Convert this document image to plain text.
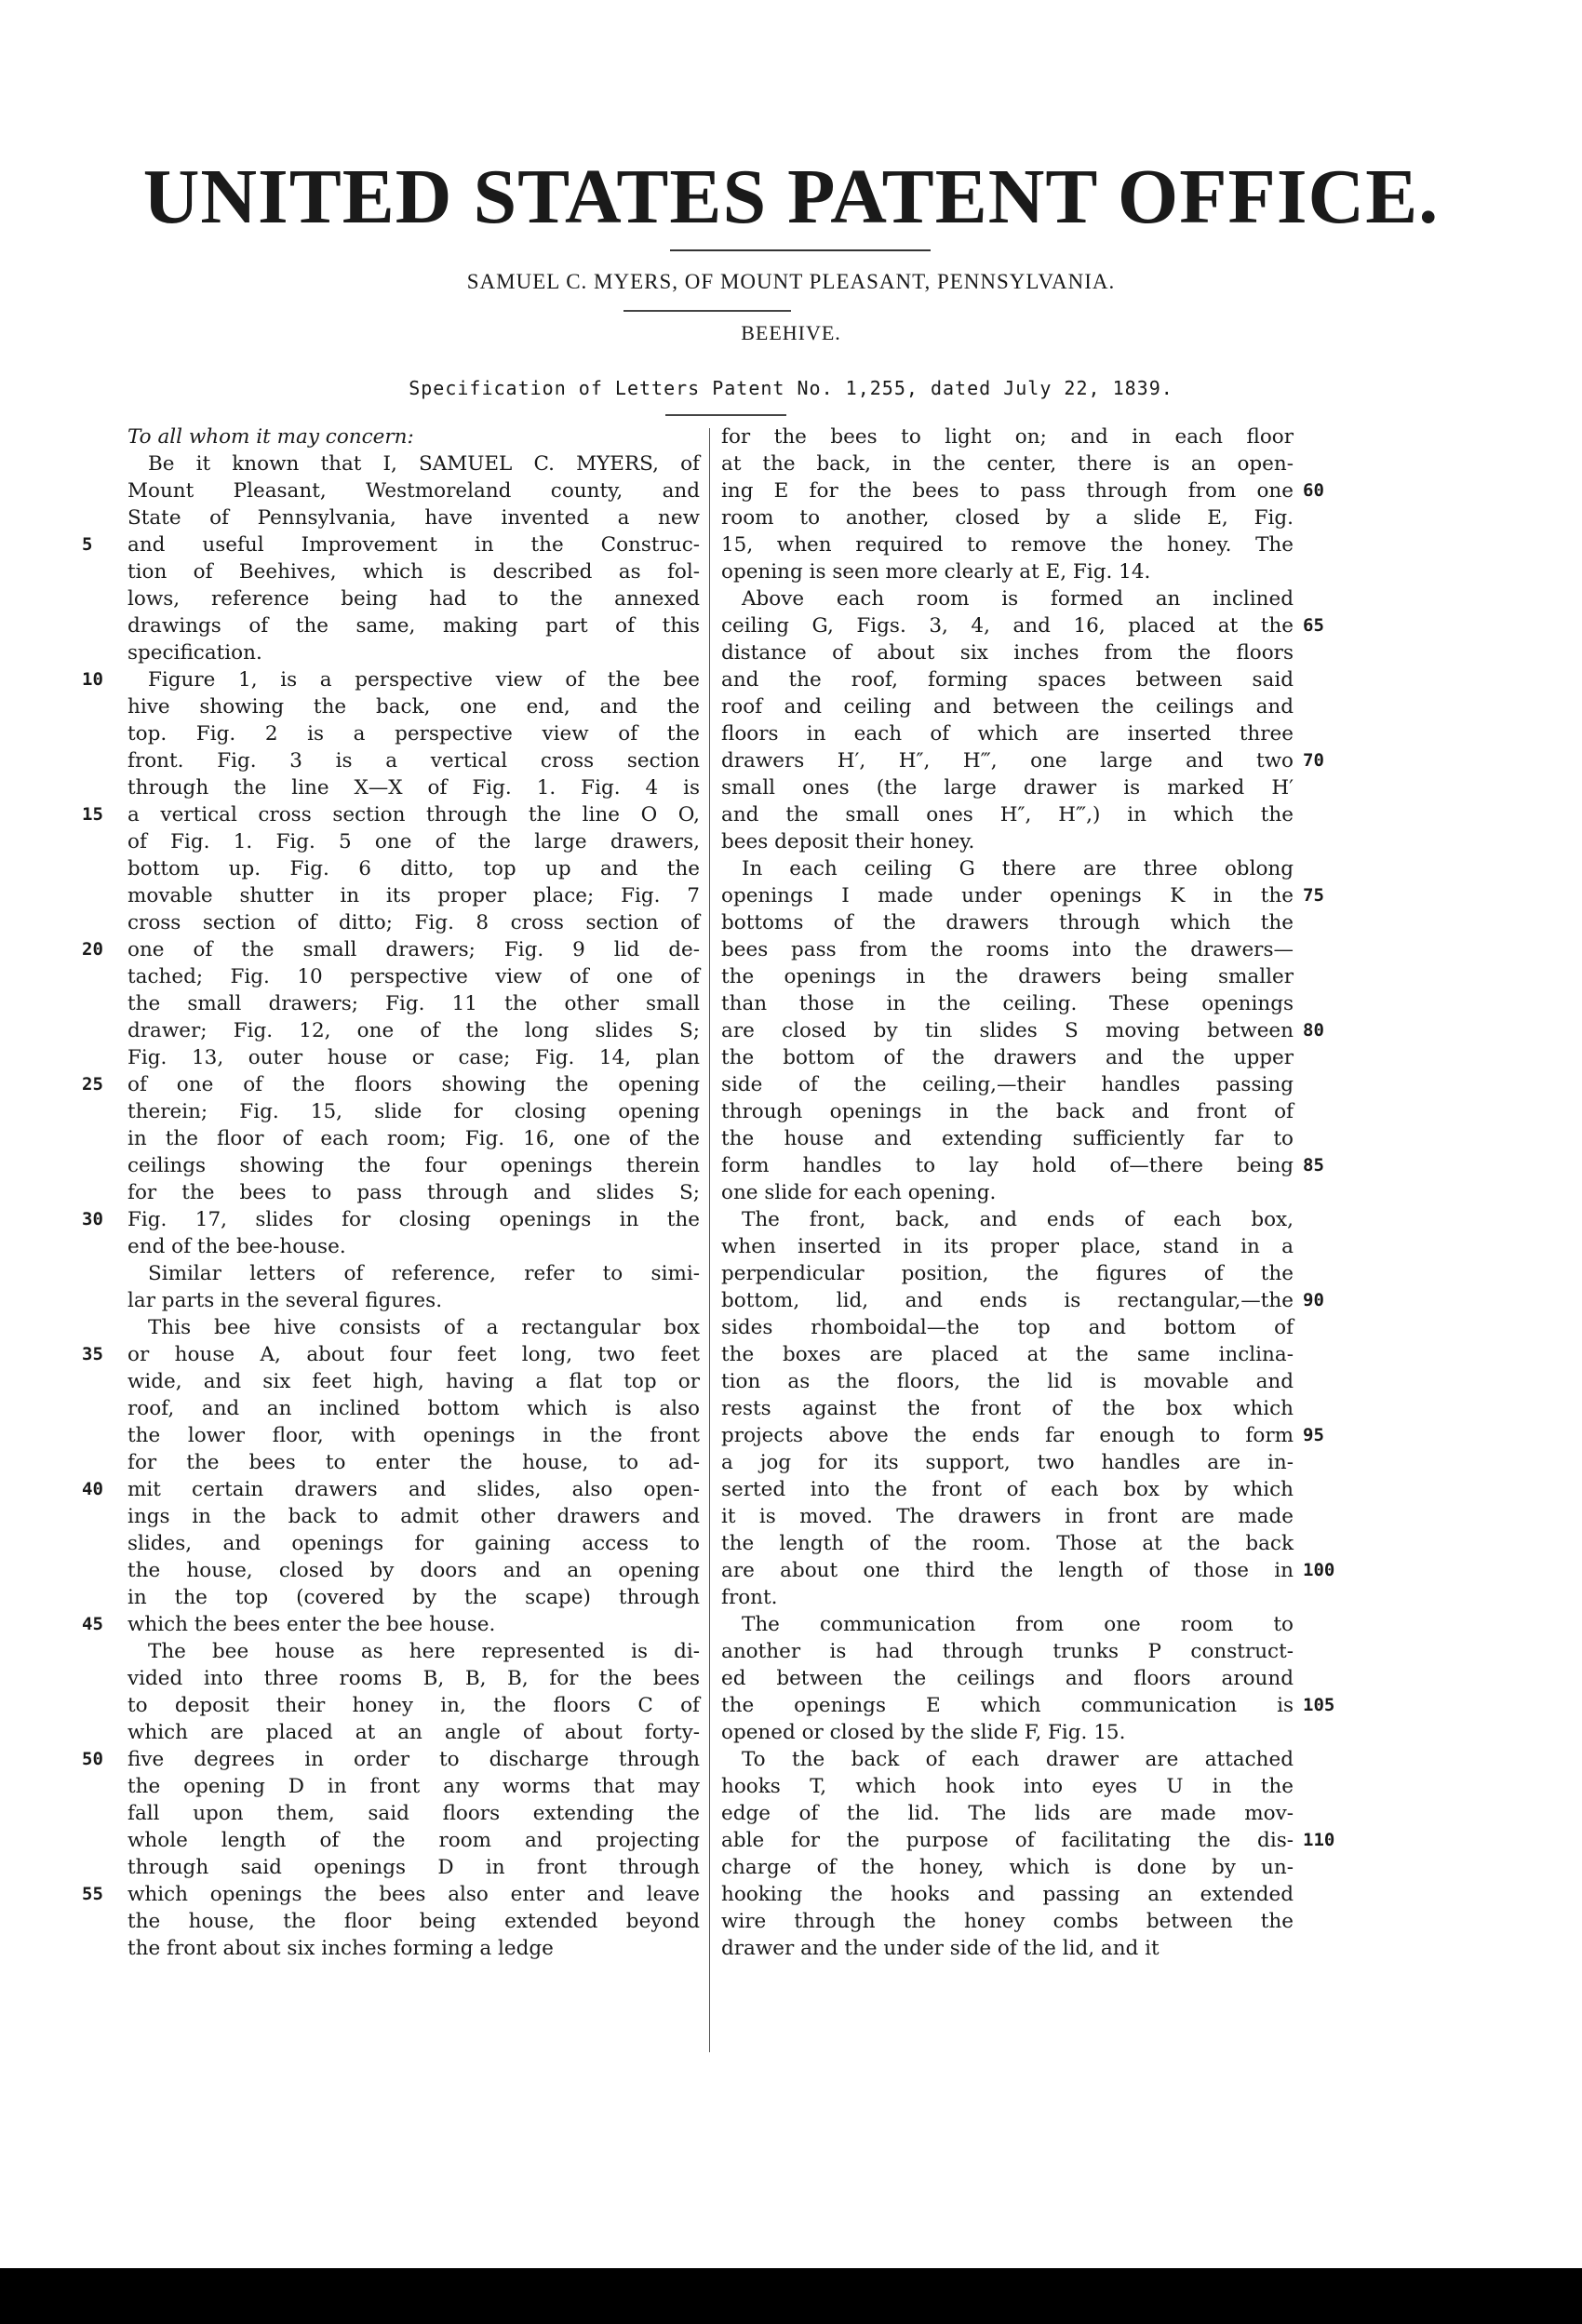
UNITED STATES PATENT OFFICE.
SAMUEL C. MYERS, OF MOUNT PLEASANT, PENNSYLVANIA.
BEEHIVE.
Specification of Letters Patent No. 1,255, dated July 22, 1839.
To all whom it may concern:
Be it known that I, SAMUEL C. MYERS, of
Mount Pleasant, Westmoreland county, and
State of Pennsylvania, have invented a new
and useful Improvement in the Construc-
tion of Beehives, which is described as fol-
lows, reference being had to the annexed
drawings of the same, making part of this
specification.
Figure 1, is a perspective view of the bee
hive showing the back, one end, and the
top. Fig. 2 is a perspective view of the
front. Fig. 3 is a vertical cross section
through the line X—X of Fig. 1. Fig. 4 is
a vertical cross section through the line O O,
of Fig. 1. Fig. 5 one of the large drawers,
bottom up. Fig. 6 ditto, top up and the
movable shutter in its proper place; Fig. 7
cross section of ditto; Fig. 8 cross section of
one of the small drawers; Fig. 9 lid de-
tached; Fig. 10 perspective view of one of
the small drawers; Fig. 11 the other small
drawer; Fig. 12, one of the long slides S;
Fig. 13, outer house or case; Fig. 14, plan
of one of the floors showing the opening
therein; Fig. 15, slide for closing opening
in the floor of each room; Fig. 16, one of the
ceilings showing the four openings therein
for the bees to pass through and slides S;
Fig. 17, slides for closing openings in the
end of the bee-house.
Similar letters of reference, refer to simi-
lar parts in the several figures.
This bee hive consists of a rectangular box
or house A, about four feet long, two feet
wide, and six feet high, having a flat top or
roof, and an inclined bottom which is also
the lower floor, with openings in the front
for the bees to enter the house, to ad-
mit certain drawers and slides, also open-
ings in the back to admit other drawers and
slides, and openings for gaining access to
the house, closed by doors and an opening
in the top (covered by the scape) through
which the bees enter the bee house.
The bee house as here represented is di-
vided into three rooms B, B, B, for the bees
to deposit their honey in, the floors C of
which are placed at an angle of about forty-
five degrees in order to discharge through
the opening D in front any worms that may
fall upon them, said floors extending the
whole length of the room and projecting
through said openings D in front through
which openings the bees also enter and leave
the house, the floor being extended beyond
the front about six inches forming a ledge
for the bees to light on; and in each floor
at the back, in the center, there is an open-
ing E for the bees to pass through from one
room to another, closed by a slide E, Fig.
15, when required to remove the honey. The
opening is seen more clearly at E, Fig. 14.
Above each room is formed an inclined
ceiling G, Figs. 3, 4, and 16, placed at the
distance of about six inches from the floors
and the roof, forming spaces between said
roof and ceiling and between the ceilings and
floors in each of which are inserted three
drawers H′, H″, H‴, one large and two
small ones (the large drawer is marked H′
and the small ones H″, H‴,) in which the
bees deposit their honey.
In each ceiling G there are three oblong
openings I made under openings K in the
bottoms of the drawers through which the
bees pass from the rooms into the drawers—
the openings in the drawers being smaller
than those in the ceiling. These openings
are closed by tin slides S moving between
the bottom of the drawers and the upper
side of the ceiling,—their handles passing
through openings in the back and front of
the house and extending sufficiently far to
form handles to lay hold of—there being
one slide for each opening.
The front, back, and ends of each box,
when inserted in its proper place, stand in a
perpendicular position, the figures of the
bottom, lid, and ends is rectangular,—the
sides rhomboidal—the top and bottom of
the boxes are placed at the same inclina-
tion as the floors, the lid is movable and
rests against the front of the box which
projects above the ends far enough to form
a jog for its support, two handles are in-
serted into the front of each box by which
it is moved. The drawers in front are made
the length of the room. Those at the back
are about one third the length of those in
front.
The communication from one room to
another is had through trunks P construct-
ed between the ceilings and floors around
the openings E which communication is
opened or closed by the slide F, Fig. 15.
To the back of each drawer are attached
hooks T, which hook into eyes U in the
edge of the lid. The lids are made mov-
able for the purpose of facilitating the dis-
charge of the honey, which is done by un-
hooking the hooks and passing an extended
wire through the honey combs between the
drawer and the under side of the lid, and it
5
10
15
20
25
30
35
40
45
50
55
60
65
70
75
80
85
90
95
100
105
110
